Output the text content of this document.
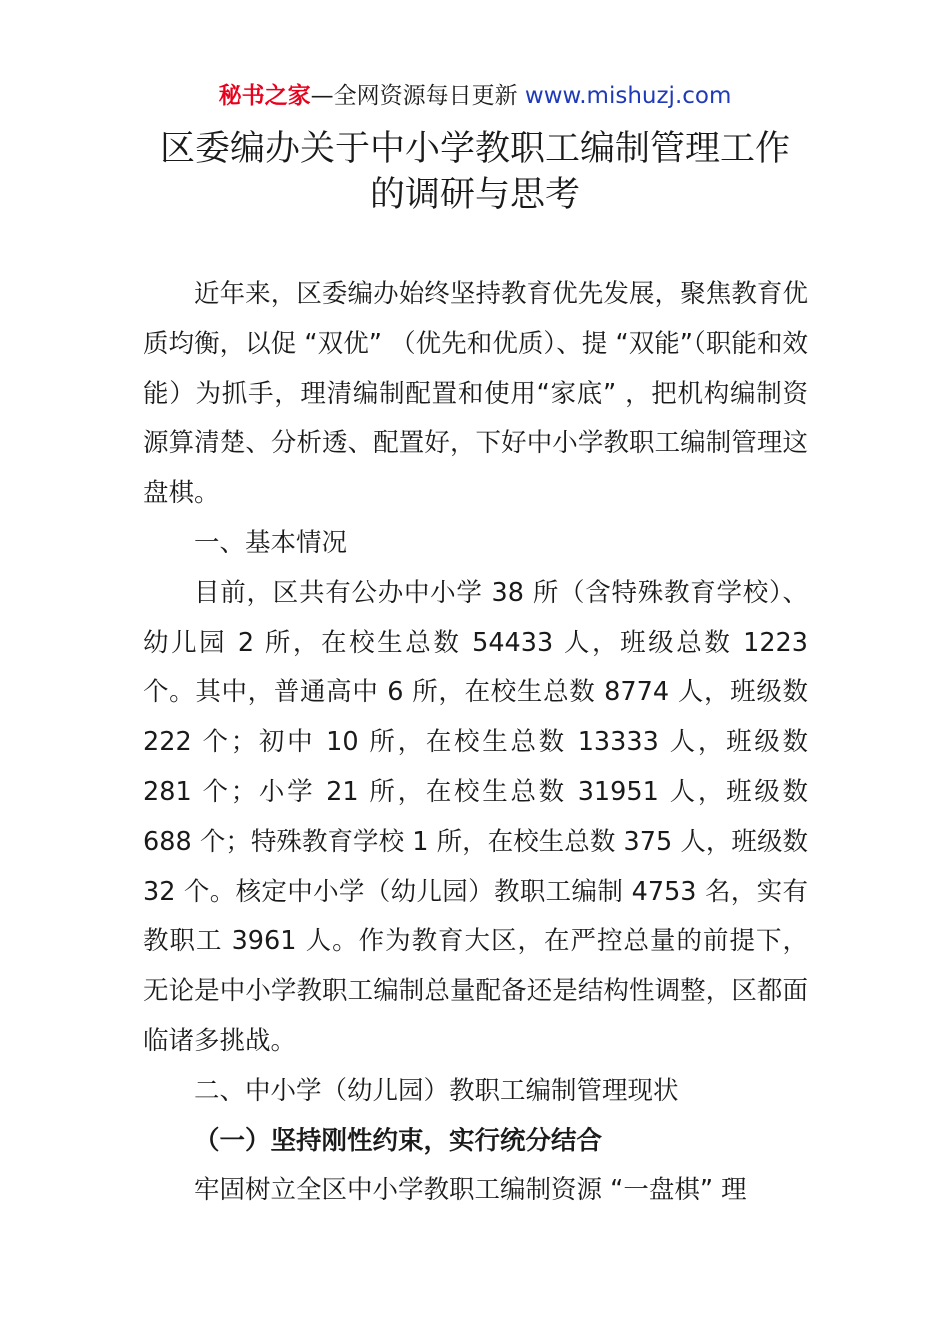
秘书之家—全网资源每日更新 www.mishuzj.com
区委编办关于中小学教职工编制管理工作
的调研与思考

近年来，区委编办始终坚持教育优先发展，聚焦教育优质均衡，以促 “双优” （优先和优质）、提 “双能”（职能和效能）为抓手，理清编制配置和使用“家底” ，把机构编制资源算清楚、分析透、配置好，下好中小学教职工编制管理这盘棋。

一、基本情况

目前，区共有公办中小学 38 所（含特殊教育学校）、幼儿园 2 所，在校生总数 54433 人，班级总数 1223 个。其中，普通高中 6 所，在校生总数 8774 人，班级数 222 个；初中 10 所，在校生总数 13333 人，班级数 281 个；小学 21 所，在校生总数 31951 人，班级数 688 个；特殊教育学校 1 所，在校生总数 375 人，班级数 32 个。核定中小学（幼儿园）教职工编制 4753 名，实有教职工 3961 人。作为教育大区，在严控总量的前提下，无论是中小学教职工编制总量配备还是结构性调整，区都面临诸多挑战。

二、中小学（幼儿园）教职工编制管理现状

（一）坚持刚性约束，实行统分结合

牢固树立全区中小学教职工编制资源 “一盘棋” 理
